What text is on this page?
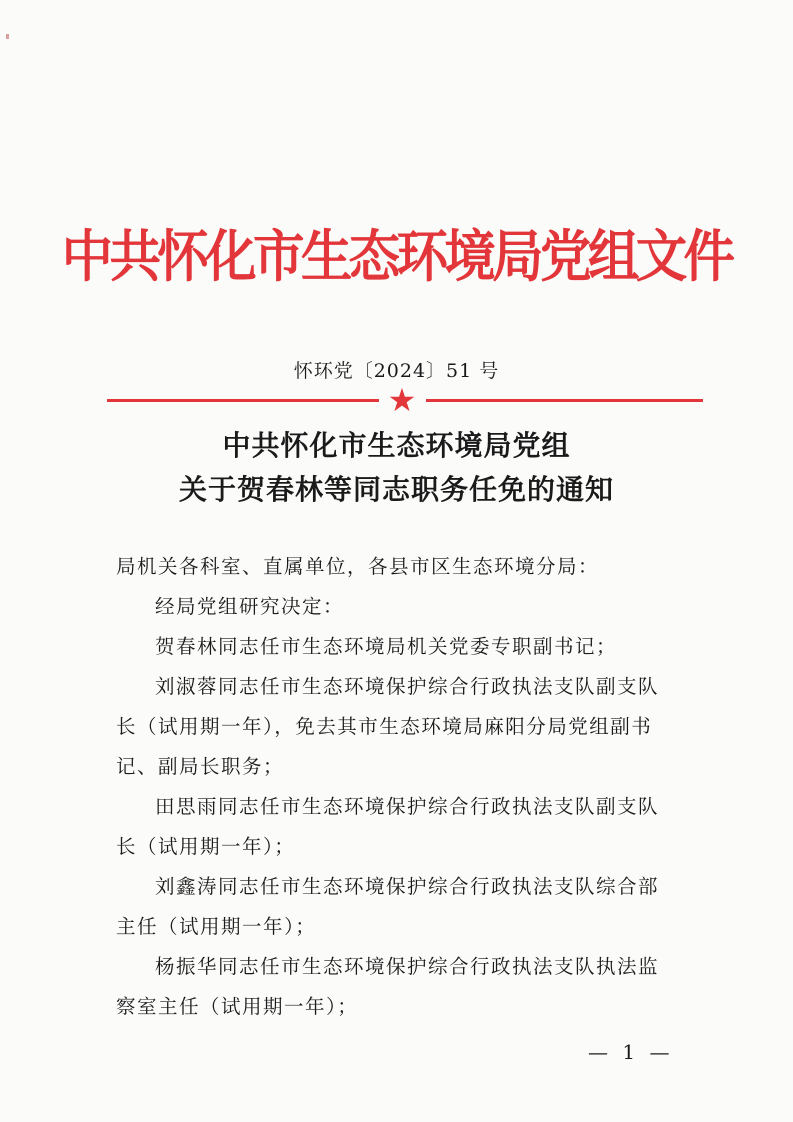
中共怀化市生态环境局党组文件
怀环党〔2024〕51 号
★
中共怀化市生态环境局党组
关于贺春林等同志职务任免的通知

局机关各科室、直属单位，各县市区生态环境分局：

经局党组研究决定：

贺春林同志任市生态环境局机关党委专职副书记；

刘淑蓉同志任市生态环境保护综合行政执法支队副支队长（试用期一年），免去其市生态环境局麻阳分局党组副书记、副局长职务；

田思雨同志任市生态环境保护综合行政执法支队副支队长（试用期一年）；

刘鑫涛同志任市生态环境保护综合行政执法支队综合部主任（试用期一年）；

杨振华同志任市生态环境保护综合行政执法支队执法监察室主任（试用期一年）；

— 1 —
